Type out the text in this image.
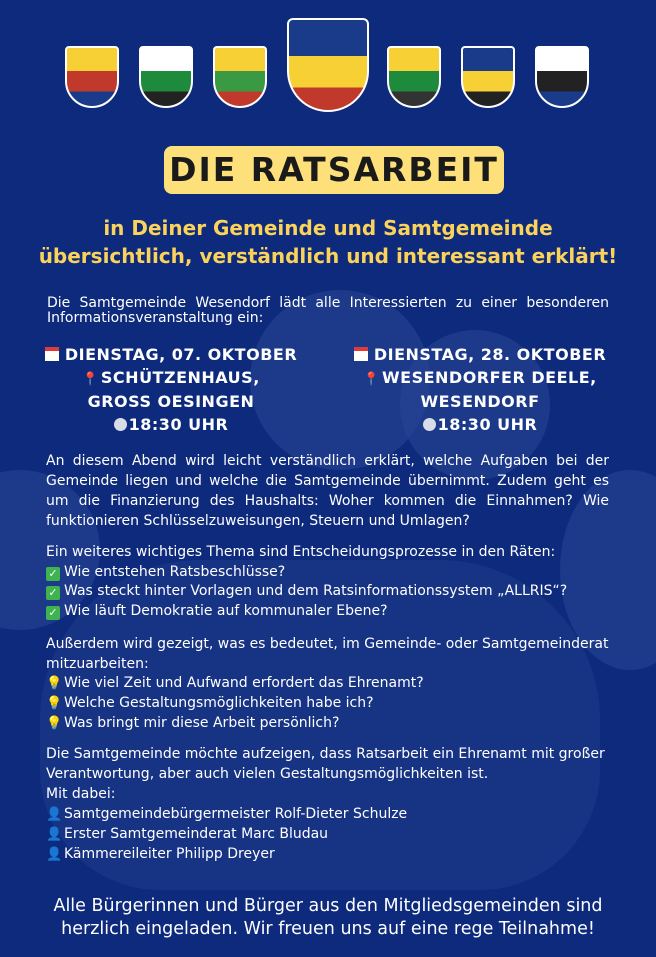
DIE RATSARBEIT
in Deiner Gemeinde und Samtgemeinde
übersichtlich, verständlich und interessant erklärt!
Die Samtgemeinde Wesendorf lädt alle Interessierten zu einer besonderen Informationsveranstaltung ein:
DIENSTAG, 07. OKTOBER
📍 SCHÜTZENHAUS,
GROSS OESINGEN
18:30 UHR
DIENSTAG, 28. OKTOBER
📍 WESENDORFER DEELE,
WESENDORF
18:30 UHR
An diesem Abend wird leicht verständlich erklärt, welche Aufgaben bei der Gemeinde liegen und welche die Samtgemeinde übernimmt. Zudem geht es um die Finanzierung des Haushalts: Woher kommen die Einnahmen? Wie funktionieren Schlüsselzuweisungen, Steuern und Umlagen?
Ein weiteres wichtiges Thema sind Entscheidungsprozesse in den Räten:
✓ Wie entstehen Ratsbeschlüsse?
✓ Was steckt hinter Vorlagen und dem Ratsinformationssystem „ALLRIS“?
✓ Wie läuft Demokratie auf kommunaler Ebene?
Außerdem wird gezeigt, was es bedeutet, im Gemeinde- oder Samtgemeinderat mitzuarbeiten:
💡 Wie viel Zeit und Aufwand erfordert das Ehrenamt?
💡 Welche Gestaltungsmöglichkeiten habe ich?
💡 Was bringt mir diese Arbeit persönlich?
Die Samtgemeinde möchte aufzeigen, dass Ratsarbeit ein Ehrenamt mit großer Verantwortung, aber auch vielen Gestaltungsmöglichkeiten ist.
Mit dabei:
👤 Samtgemeindebürgermeister Rolf-Dieter Schulze
👤 Erster Samtgemeinderat Marc Bludau
👤 Kämmereileiter Philipp Dreyer
Alle Bürgerinnen und Bürger aus den Mitgliedsgemeinden sind
herzlich eingeladen. Wir freuen uns auf eine rege Teilnahme!
